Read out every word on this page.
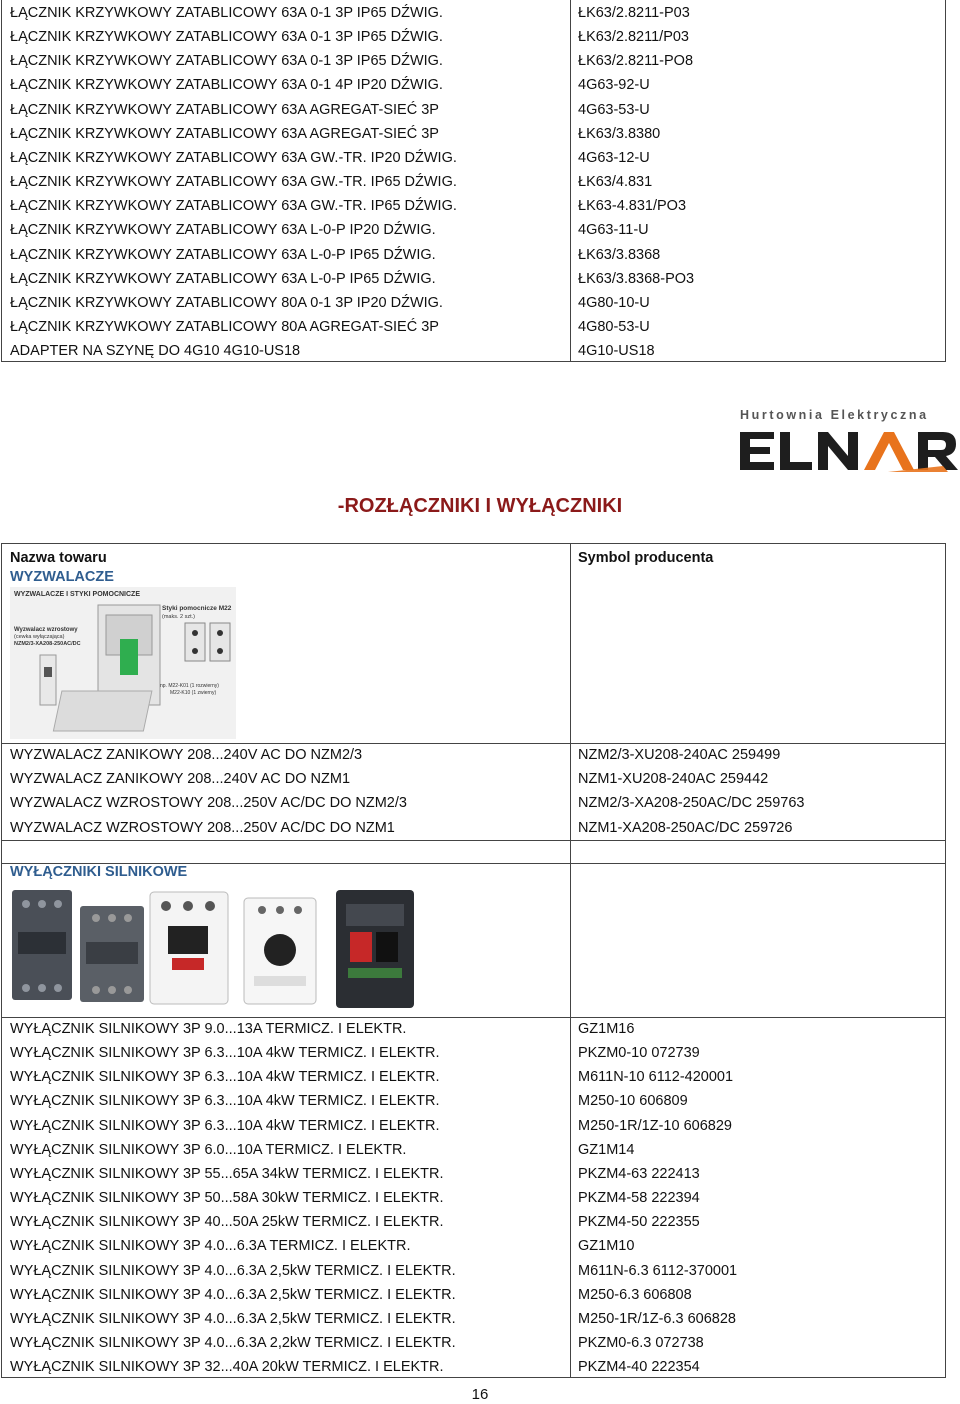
ŁĄCZNIK KRZYWKOWY ZATABLICOWY 63A 0-1 3P IP65 DŹWIG.	ŁK63/2.8211-P03
ŁĄCZNIK KRZYWKOWY ZATABLICOWY 63A 0-1 3P IP65 DŹWIG.	ŁK63/2.8211/P03
ŁĄCZNIK KRZYWKOWY ZATABLICOWY 63A 0-1 3P IP65 DŹWIG.	ŁK63/2.8211-PO8
ŁĄCZNIK KRZYWKOWY ZATABLICOWY 63A 0-1 4P IP20 DŹWIG.	4G63-92-U
ŁĄCZNIK KRZYWKOWY ZATABLICOWY 63A AGREGAT-SIEĆ 3P	4G63-53-U
ŁĄCZNIK KRZYWKOWY ZATABLICOWY 63A AGREGAT-SIEĆ 3P	ŁK63/3.8380
ŁĄCZNIK KRZYWKOWY ZATABLICOWY 63A GW.-TR. IP20 DŹWIG.	4G63-12-U
ŁĄCZNIK KRZYWKOWY ZATABLICOWY 63A GW.-TR. IP65 DŹWIG.	ŁK63/4.831
ŁĄCZNIK KRZYWKOWY ZATABLICOWY 63A GW.-TR. IP65 DŹWIG.	ŁK63-4.831/PO3
ŁĄCZNIK KRZYWKOWY ZATABLICOWY 63A L-0-P IP20 DŹWIG.	4G63-11-U
ŁĄCZNIK KRZYWKOWY ZATABLICOWY 63A L-0-P IP65 DŹWIG.	ŁK63/3.8368
ŁĄCZNIK KRZYWKOWY ZATABLICOWY 63A L-0-P IP65 DŹWIG.	ŁK63/3.8368-PO3
ŁĄCZNIK KRZYWKOWY ZATABLICOWY 80A 0-1 3P IP20 DŹWIG.	4G80-10-U
ŁĄCZNIK KRZYWKOWY ZATABLICOWY 80A AGREGAT-SIEĆ 3P	4G80-53-U
ADAPTER NA SZYNĘ DO 4G10 4G10-US18	4G10-US18
Hurtownia Elektryczna
-ROZŁĄCZNIKI I WYŁĄCZNIKI
Nazwa towaru	Symbol producenta
WYZWALACZE
WYZWALACZE I STYKI POMOCNICZE
Styki pomocnicze M22
(maks. 2 szt.)
Wyzwalacz wzrostowy
(cewka wyłączająca)
NZM2/3-XA208-250AC/DC
np. M22-K01 (1 rozwierny)
M22-K10 (1 zwierny)
WYZWALACZ ZANIKOWY 208...240V AC DO NZM2/3	NZM2/3-XU208-240AC 259499
WYZWALACZ ZANIKOWY 208...240V AC DO NZM1	NZM1-XU208-240AC 259442
WYZWALACZ WZROSTOWY 208...250V AC/DC DO NZM2/3	NZM2/3-XA208-250AC/DC 259763
WYZWALACZ WZROSTOWY 208...250V AC/DC DO NZM1	NZM1-XA208-250AC/DC 259726
WYŁĄCZNIKI SILNIKOWE
WYŁĄCZNIK SILNIKOWY 3P 9.0...13A TERMICZ. I ELEKTR.	GZ1M16
WYŁĄCZNIK SILNIKOWY 3P 6.3...10A 4kW TERMICZ. I ELEKTR.	PKZM0-10 072739
WYŁĄCZNIK SILNIKOWY 3P 6.3...10A 4kW TERMICZ. I ELEKTR.	M611N-10 6112-420001
WYŁĄCZNIK SILNIKOWY 3P 6.3...10A 4kW TERMICZ. I ELEKTR.	M250-10 606809
WYŁĄCZNIK SILNIKOWY 3P 6.3...10A 4kW TERMICZ. I ELEKTR.	M250-1R/1Z-10 606829
WYŁĄCZNIK SILNIKOWY 3P 6.0...10A TERMICZ. I ELEKTR.	GZ1M14
WYŁĄCZNIK SILNIKOWY 3P 55...65A 34kW TERMICZ. I ELEKTR.	PKZM4-63 222413
WYŁĄCZNIK SILNIKOWY 3P 50...58A 30kW TERMICZ. I ELEKTR.	PKZM4-58 222394
WYŁĄCZNIK SILNIKOWY 3P 40...50A 25kW TERMICZ. I ELEKTR.	PKZM4-50 222355
WYŁĄCZNIK SILNIKOWY 3P 4.0...6.3A TERMICZ. I ELEKTR.	GZ1M10
WYŁĄCZNIK SILNIKOWY 3P 4.0...6.3A 2,5kW TERMICZ. I ELEKTR.	M611N-6.3 6112-370001
WYŁĄCZNIK SILNIKOWY 3P 4.0...6.3A 2,5kW TERMICZ. I ELEKTR.	M250-6.3 606808
WYŁĄCZNIK SILNIKOWY 3P 4.0...6.3A 2,5kW TERMICZ. I ELEKTR.	M250-1R/1Z-6.3 606828
WYŁĄCZNIK SILNIKOWY 3P 4.0...6.3A 2,2kW TERMICZ. I ELEKTR.	PKZM0-6.3 072738
WYŁĄCZNIK SILNIKOWY 3P 32...40A 20kW TERMICZ. I ELEKTR.	PKZM4-40 222354
16
